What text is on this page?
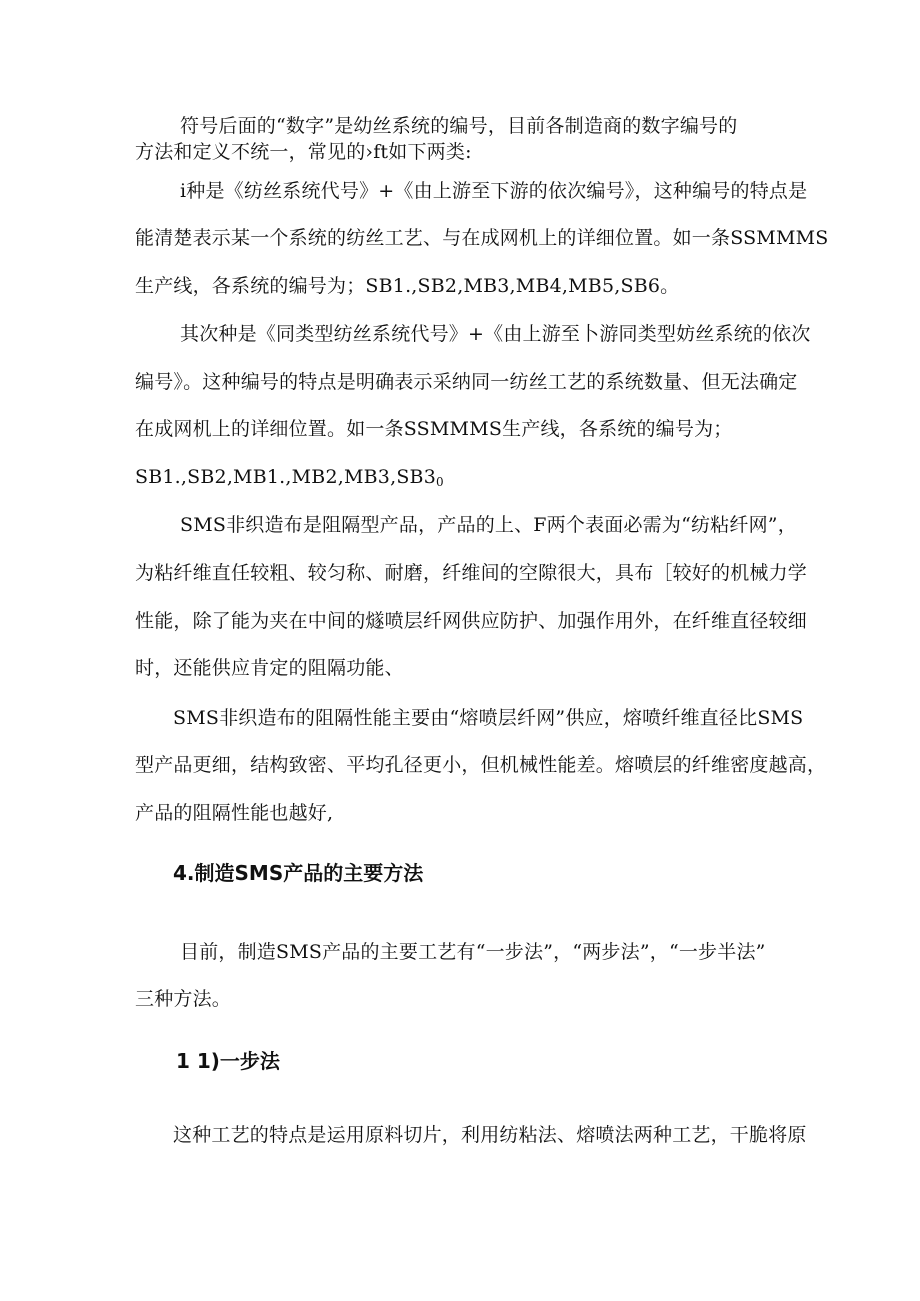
符号后面的“数字”是幼丝系统的编号，目前各制造商的数字编号的
方法和定义不统一，常见的›ft如下两类:
i种是《纺丝系统代号》+《由上游至下游的依次编号》，这种编号的特点是
能清楚表示某一个系统的纺丝工艺、与在成网机上的详细位置。如一条SSMMMS
生产线，各系统的编号为；SB1.,SB2,MB3,MB4,MB5,SB6。
其次种是《同类型纺丝系统代号》+《由上游至卜游同类型妨丝系统的依次
编号》。这种编号的特点是明确表示采纳同一纺丝工艺的系统数量、但无法确定
在成网机上的详细位置。如一条SSMMMS生产线，各系统的编号为；
$SB1.,SB2,MB1.,MB2,MB3,SB3_0$
SMS非织造布是阻隔型产品，产品的上、F两个表面必需为“纺粘纤网”，
为粘纤维直任较粗、较匀称、耐磨，纤维间的空隙很大，具布［较好的机械力学
性能，除了能为夹在中间的燧喷层纤网供应防护、加强作用外，在纤维直径较细
时，还能供应肯定的阻隔功能、
SMS非织造布的阻隔性能主要由“熔喷层纤网”供应，熔喷纤维直径比SMS
型产品更细，结构致密、平均孔径更小，但机械性能差。熔喷层的纤维密度越高，
产品的阻隔性能也越好,
4.制造SMS产品的主要方法
目前，制造SMS产品的主要工艺有“一步法”，“两步法”，“一步半法”
三种方法。
1 1)一步法
这种工艺的特点是运用原料切片，利用纺粘法、熔喷法两种工艺，干脆将原
